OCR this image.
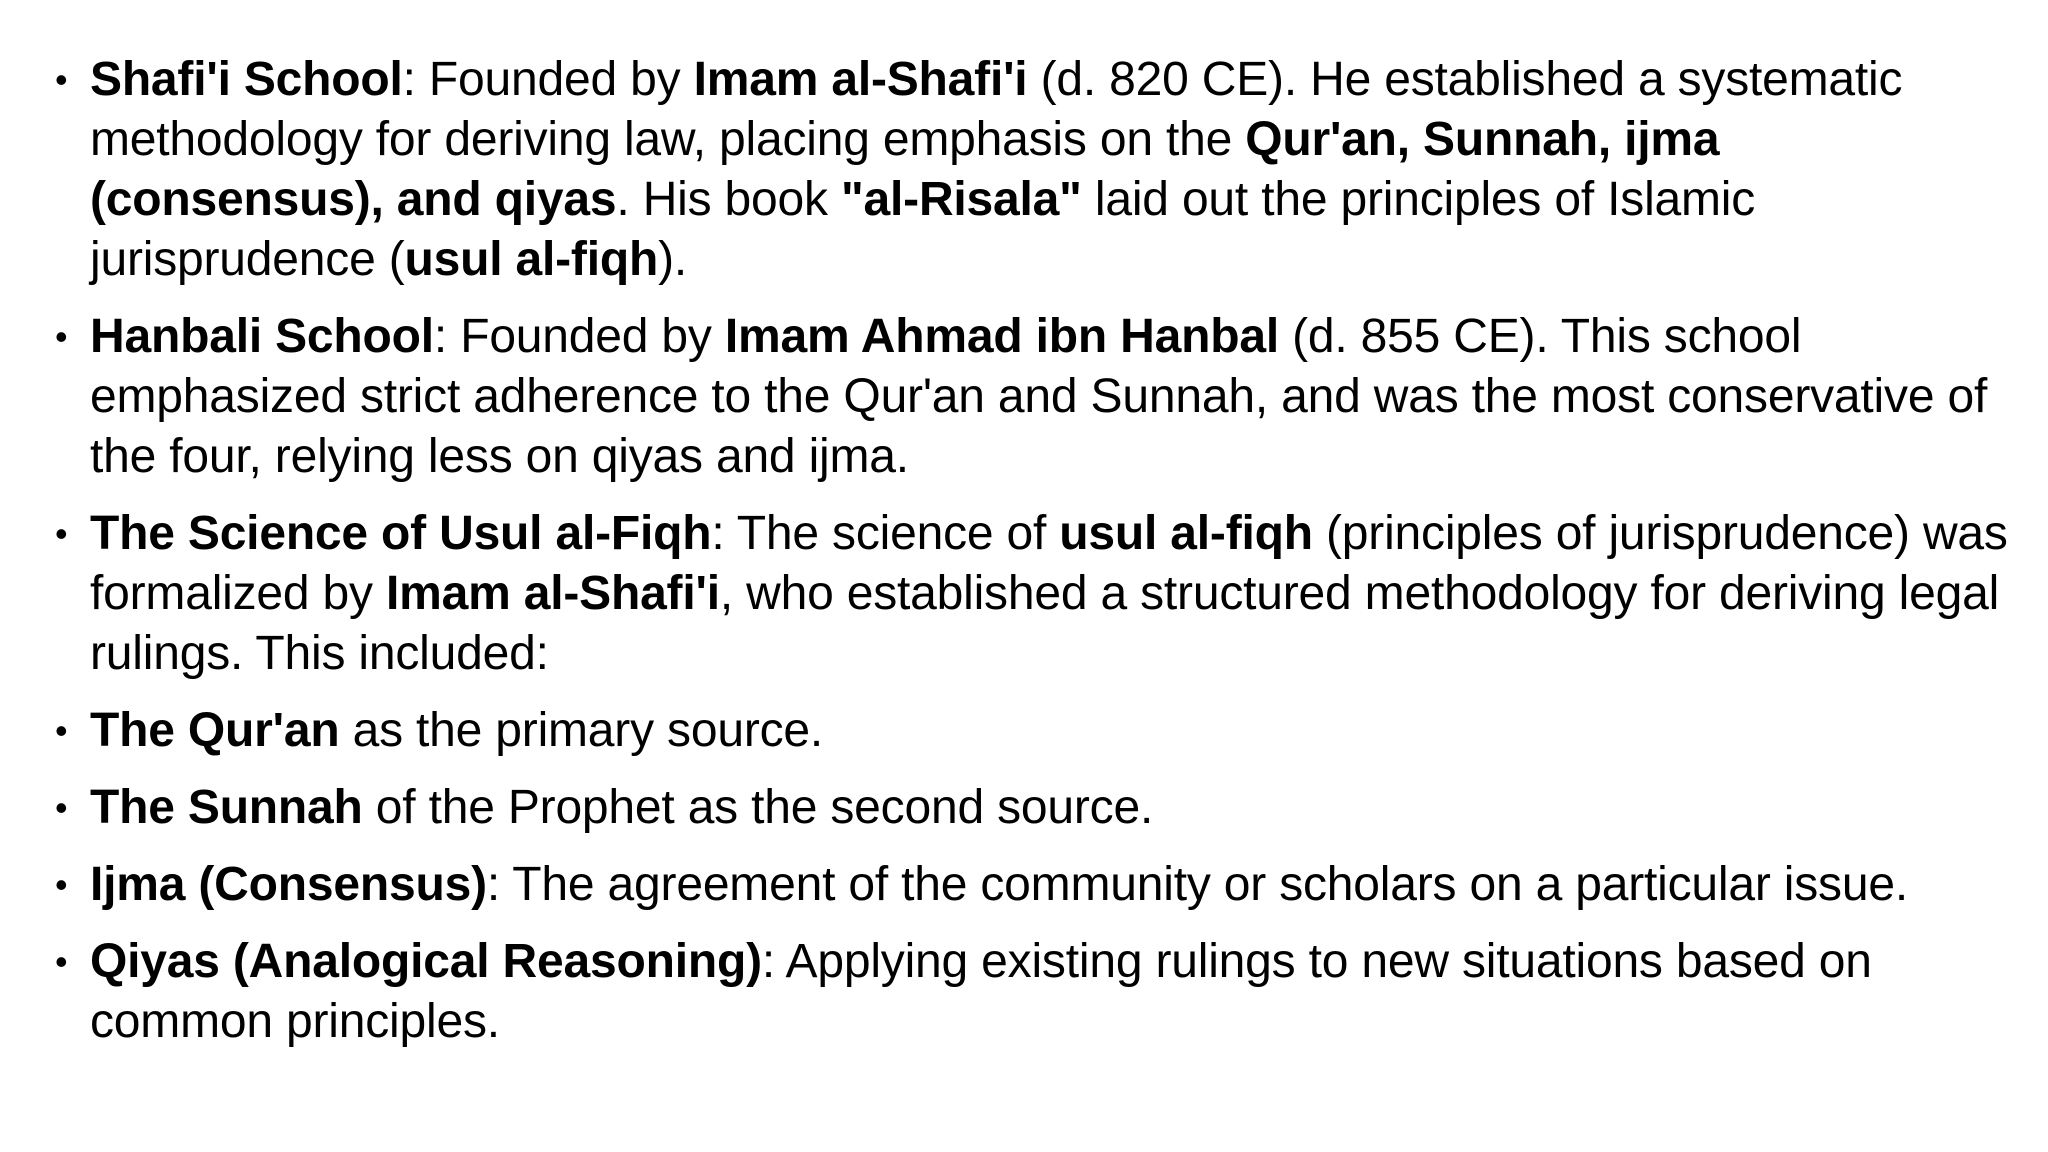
• Shafi'i School: Founded by Imam al-Shafi'i (d. 820 CE). He established a systematic methodology for deriving law, placing emphasis on the Qur'an, Sunnah, ijma (consensus), and qiyas. His book "al-Risala" laid out the principles of Islamic jurisprudence (usul al-fiqh).
• Hanbali School: Founded by Imam Ahmad ibn Hanbal (d. 855 CE). This school emphasized strict adherence to the Qur'an and Sunnah, and was the most conservative of the four, relying less on qiyas and ijma.
• The Science of Usul al-Fiqh: The science of usul al-fiqh (principles of jurisprudence) was formalized by Imam al-Shafi'i, who established a structured methodology for deriving legal rulings. This included:
• The Qur'an as the primary source.
• The Sunnah of the Prophet as the second source.
• Ijma (Consensus): The agreement of the community or scholars on a particular issue.
• Qiyas (Analogical Reasoning): Applying existing rulings to new situations based on common principles.
